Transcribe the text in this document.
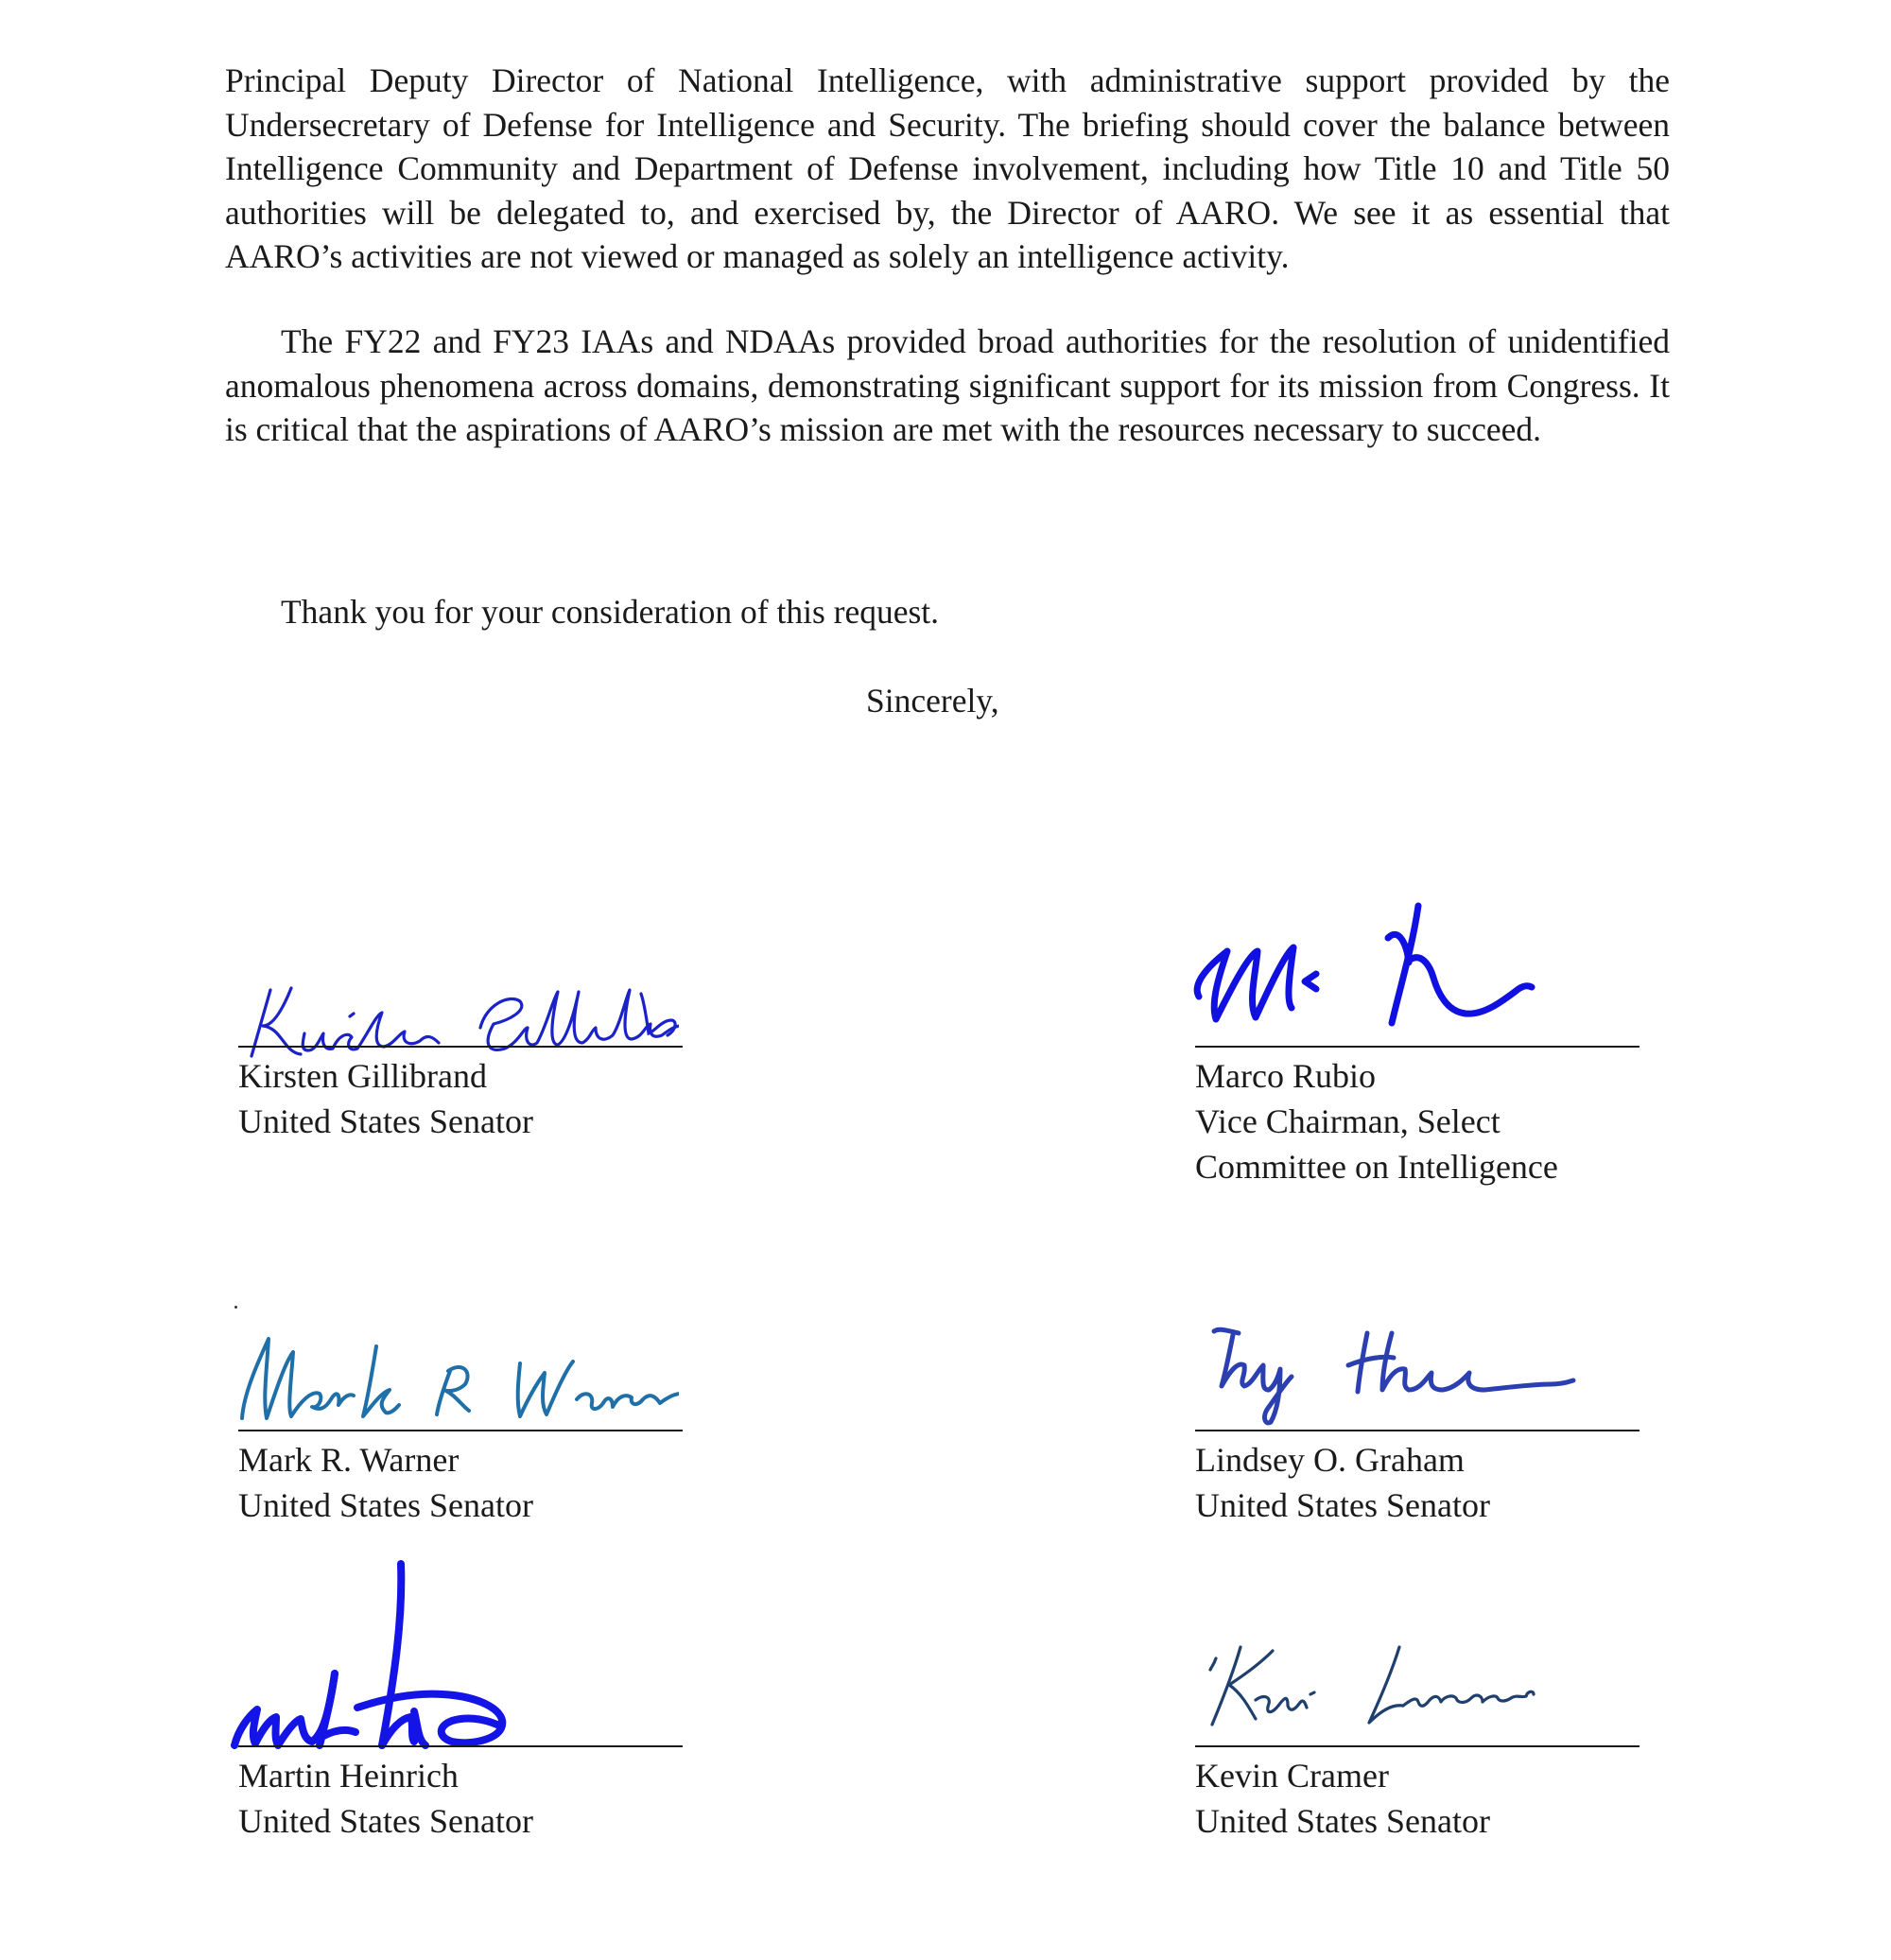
Principal Deputy Director of National Intelligence, with administrative support provided by the Undersecretary of Defense for Intelligence and Security. The briefing should cover the balance between Intelligence Community and Department of Defense involvement, including how Title 10 and Title 50 authorities will be delegated to, and exercised by, the Director of AARO. We see it as essential that AARO’s activities are not viewed or managed as solely an intelligence activity.

The FY22 and FY23 IAAs and NDAAs provided broad authorities for the resolution of unidentified anomalous phenomena across domains, demonstrating significant support for its mission from Congress. It is critical that the aspirations of AARO’s mission are met with the resources necessary to succeed.

Thank you for your consideration of this request.

Sincerely,

Kirsten Gillibrand

United States Senator

Marco Rubio

Vice Chairman, Select

Committee on Intelligence

Mark R. Warner

United States Senator

Lindsey O. Graham

United States Senator

Martin Heinrich

United States Senator

Kevin Cramer

United States Senator
